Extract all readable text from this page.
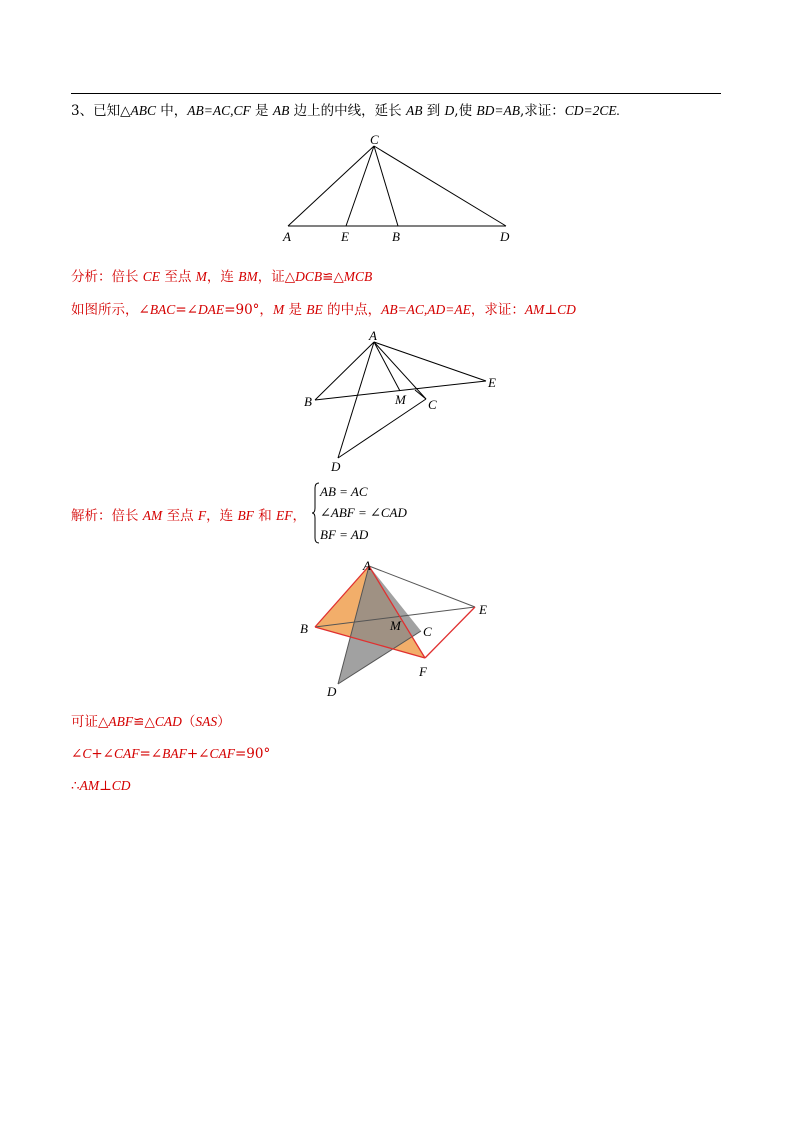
3、已知△ABC 中，AB=AC,CF 是 AB 边上的中线，延长 AB 到 D,使 BD=AB,求证：CD=2CE.
C
A	E	B	D
分析：倍长 CE 至点 M，连 BM，证△DCB≌△MCB
如图所示，∠BAC=∠DAE=90°，M 是 BE 的中点，AB=AC,AD=AE，求证：AM⊥CD
A
E
B	M C
D
解析：倍长 AM 至点 F，连 BF 和 EF，
AB = AC
∠ABF = ∠CAD
BF = AD
A
E
B	M C
F
D
可证△ABF≌△CAD（SAS）
∠C+∠CAF=∠BAF+∠CAF=90°
∴AM⊥CD
